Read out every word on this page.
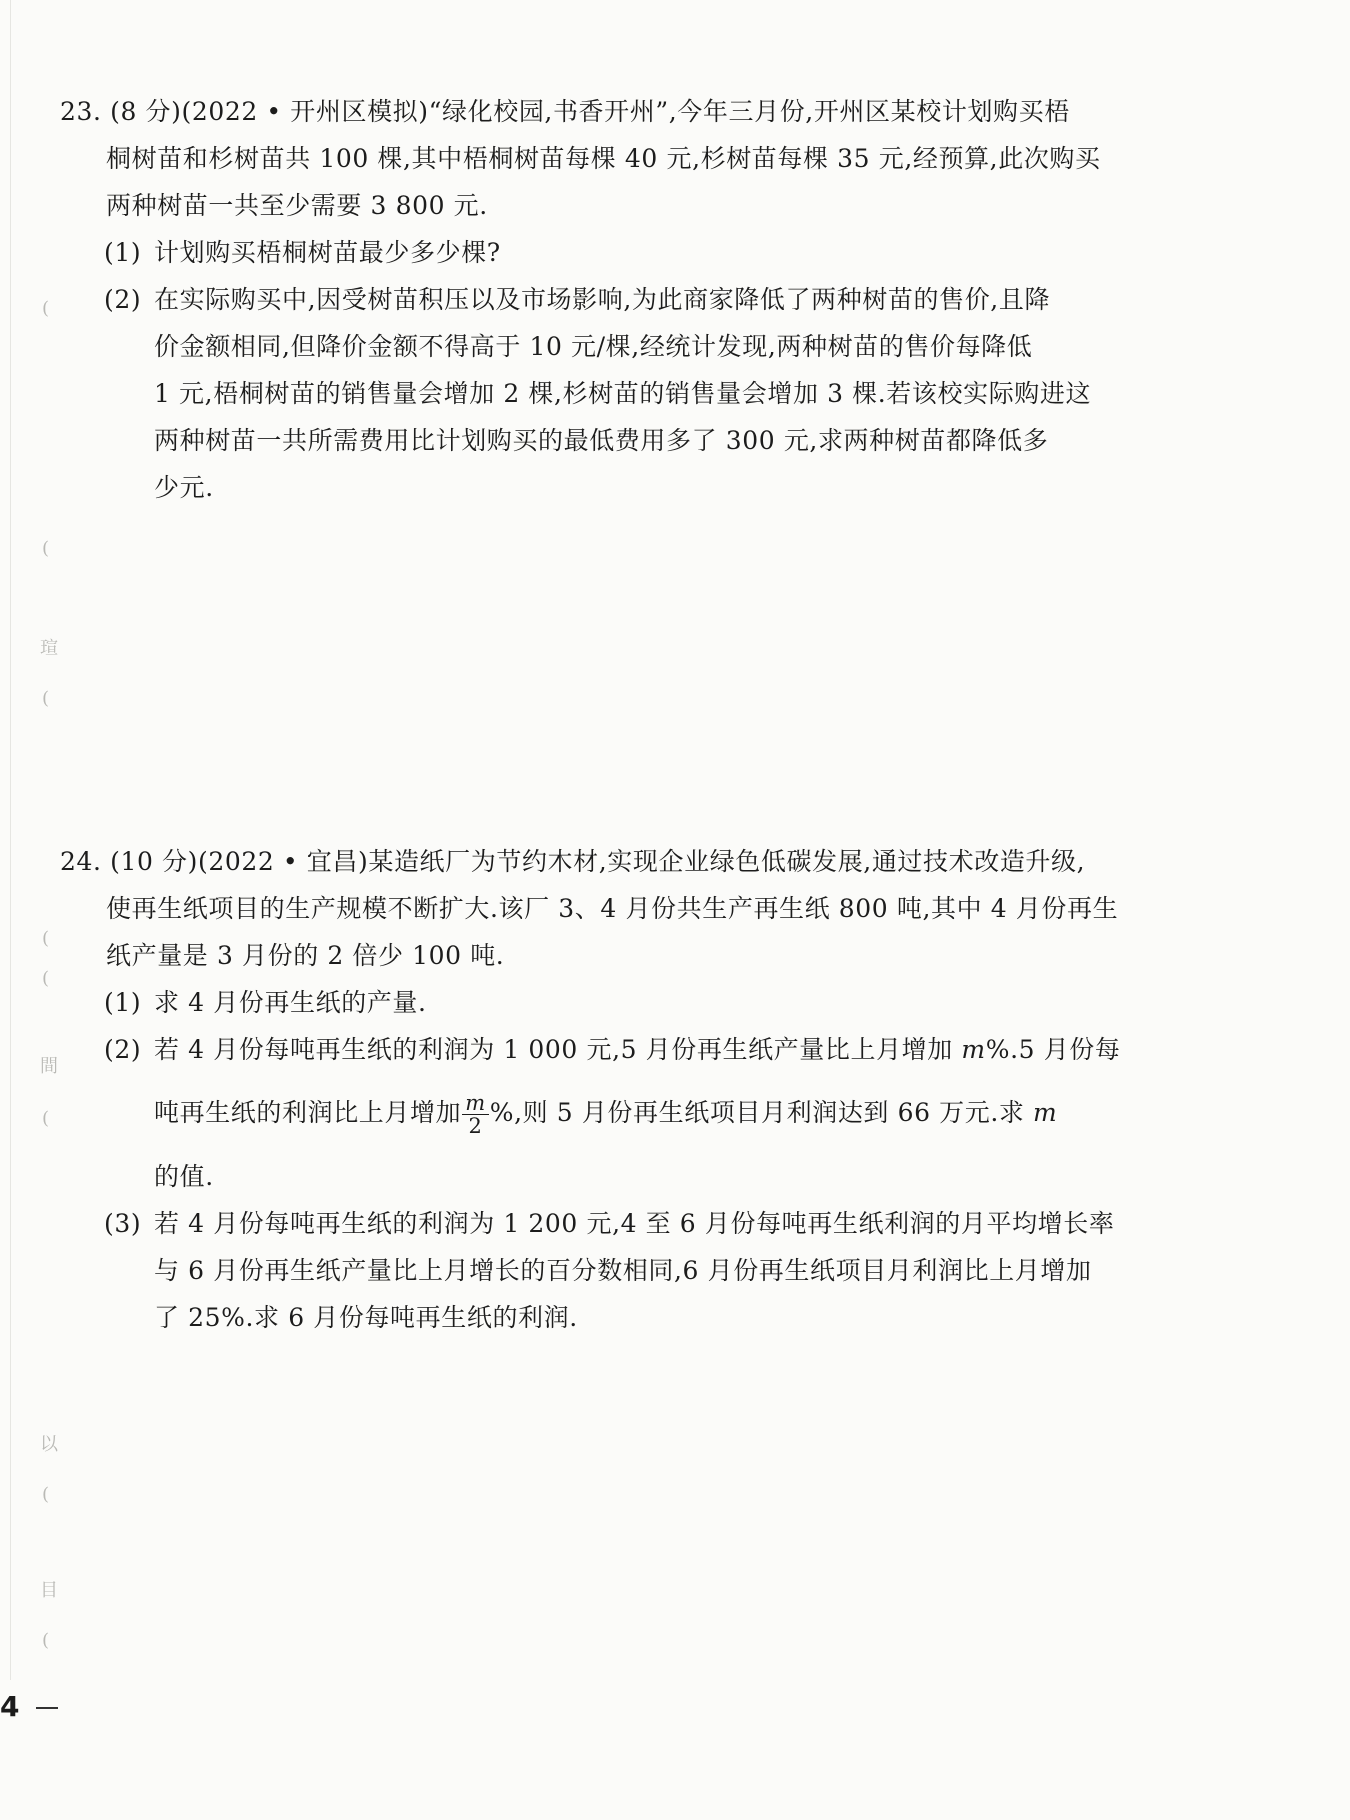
(
(
瑄
(
(
(
間
(
以
(
目
(
23. (8 分)(2022 • 开州区模拟)“绿化校园,书香开州”,今年三月份,开州区某校计划购买梧
桐树苗和杉树苗共 100 棵,其中梧桐树苗每棵 40 元,杉树苗每棵 35 元,经预算,此次购买
两种树苗一共至少需要 3 800 元.
(1) 计划购买梧桐树苗最少多少棵?
(2) 在实际购买中,因受树苗积压以及市场影响,为此商家降低了两种树苗的售价,且降
价金额相同,但降价金额不得高于 10 元/棵,经统计发现,两种树苗的售价每降低
1 元,梧桐树苗的销售量会增加 2 棵,杉树苗的销售量会增加 3 棵.若该校实际购进这
两种树苗一共所需费用比计划购买的最低费用多了 300 元,求两种树苗都降低多
少元.
24. (10 分)(2022 • 宜昌)某造纸厂为节约木材,实现企业绿色低碳发展,通过技术改造升级,
使再生纸项目的生产规模不断扩大.该厂 3、4 月份共生产再生纸 800 吨,其中 4 月份再生
纸产量是 3 月份的 2 倍少 100 吨.
(1) 求 4 月份再生纸的产量.
(2) 若 4 月份每吨再生纸的利润为 1 000 元,5 月份再生纸产量比上月增加 m%.5 月份每
吨再生纸的利润比上月增加 $\frac{m}{2}$ %,则 5 月份再生纸项目月利润达到 66 万元.求 m
的值.
(3) 若 4 月份每吨再生纸的利润为 1 200 元,4 至 6 月份每吨再生纸利润的月平均增长率
与 6 月份再生纸产量比上月增长的百分数相同,6 月份再生纸项目月利润比上月增加
了 25%.求 6 月份每吨再生纸的利润.
4
